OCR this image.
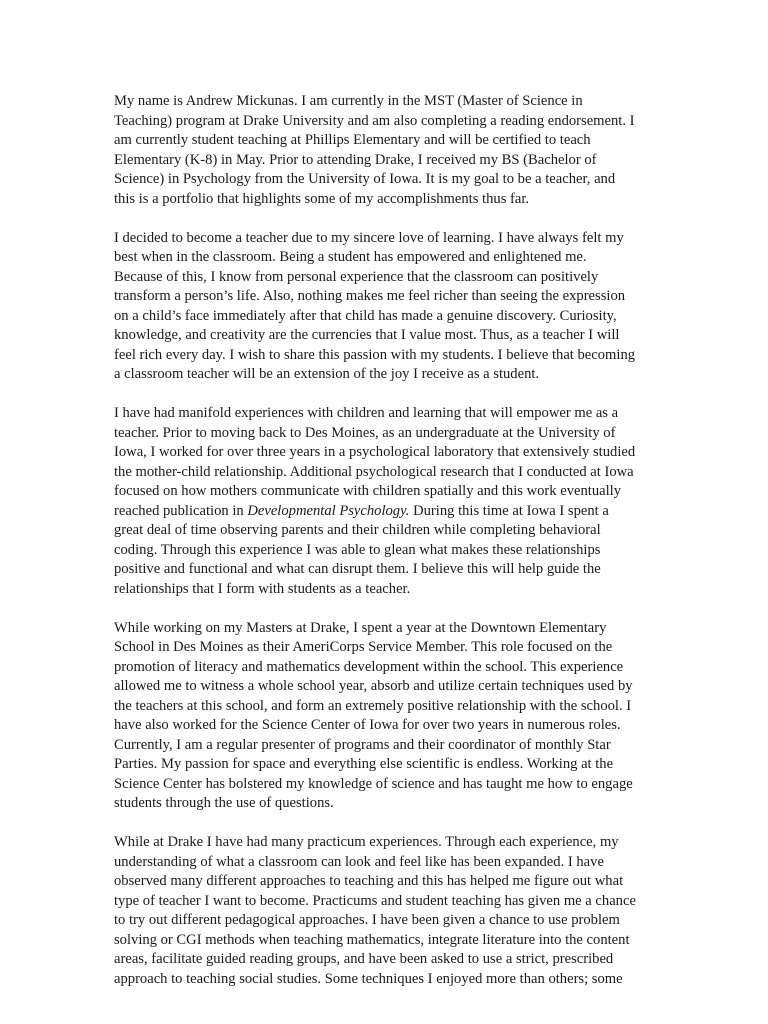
My name is Andrew Mickunas. I am currently in the MST (Master of Science in
Teaching) program at Drake University and am also completing a reading endorsement. I
am currently student teaching at Phillips Elementary and will be certified to teach
Elementary (K-8) in May. Prior to attending Drake, I received my BS (Bachelor of
Science) in Psychology from the University of Iowa. It is my goal to be a teacher, and
this is a portfolio that highlights some of my accomplishments thus far.
I decided to become a teacher due to my sincere love of learning. I have always felt my
best when in the classroom. Being a student has empowered and enlightened me.
Because of this, I know from personal experience that the classroom can positively
transform a person’s life. Also, nothing makes me feel richer than seeing the expression
on a child’s face immediately after that child has made a genuine discovery. Curiosity,
knowledge, and creativity are the currencies that I value most. Thus, as a teacher I will
feel rich every day. I wish to share this passion with my students. I believe that becoming
a classroom teacher will be an extension of the joy I receive as a student.
I have had manifold experiences with children and learning that will empower me as a
teacher. Prior to moving back to Des Moines, as an undergraduate at the University of
Iowa, I worked for over three years in a psychological laboratory that extensively studied
the mother-child relationship. Additional psychological research that I conducted at Iowa
focused on how mothers communicate with children spatially and this work eventually
reached publication in Developmental Psychology. During this time at Iowa I spent a
great deal of time observing parents and their children while completing behavioral
coding. Through this experience I was able to glean what makes these relationships
positive and functional and what can disrupt them. I believe this will help guide the
relationships that I form with students as a teacher.
While working on my Masters at Drake, I spent a year at the Downtown Elementary
School in Des Moines as their AmeriCorps Service Member. This role focused on the
promotion of literacy and mathematics development within the school. This experience
allowed me to witness a whole school year, absorb and utilize certain techniques used by
the teachers at this school, and form an extremely positive relationship with the school. I
have also worked for the Science Center of Iowa for over two years in numerous roles.
Currently, I am a regular presenter of programs and their coordinator of monthly Star
Parties. My passion for space and everything else scientific is endless. Working at the
Science Center has bolstered my knowledge of science and has taught me how to engage
students through the use of questions.
While at Drake I have had many practicum experiences. Through each experience, my
understanding of what a classroom can look and feel like has been expanded. I have
observed many different approaches to teaching and this has helped me figure out what
type of teacher I want to become. Practicums and student teaching has given me a chance
to try out different pedagogical approaches. I have been given a chance to use problem
solving or CGI methods when teaching mathematics, integrate literature into the content
areas, facilitate guided reading groups, and have been asked to use a strict, prescribed
approach to teaching social studies. Some techniques I enjoyed more than others; some
